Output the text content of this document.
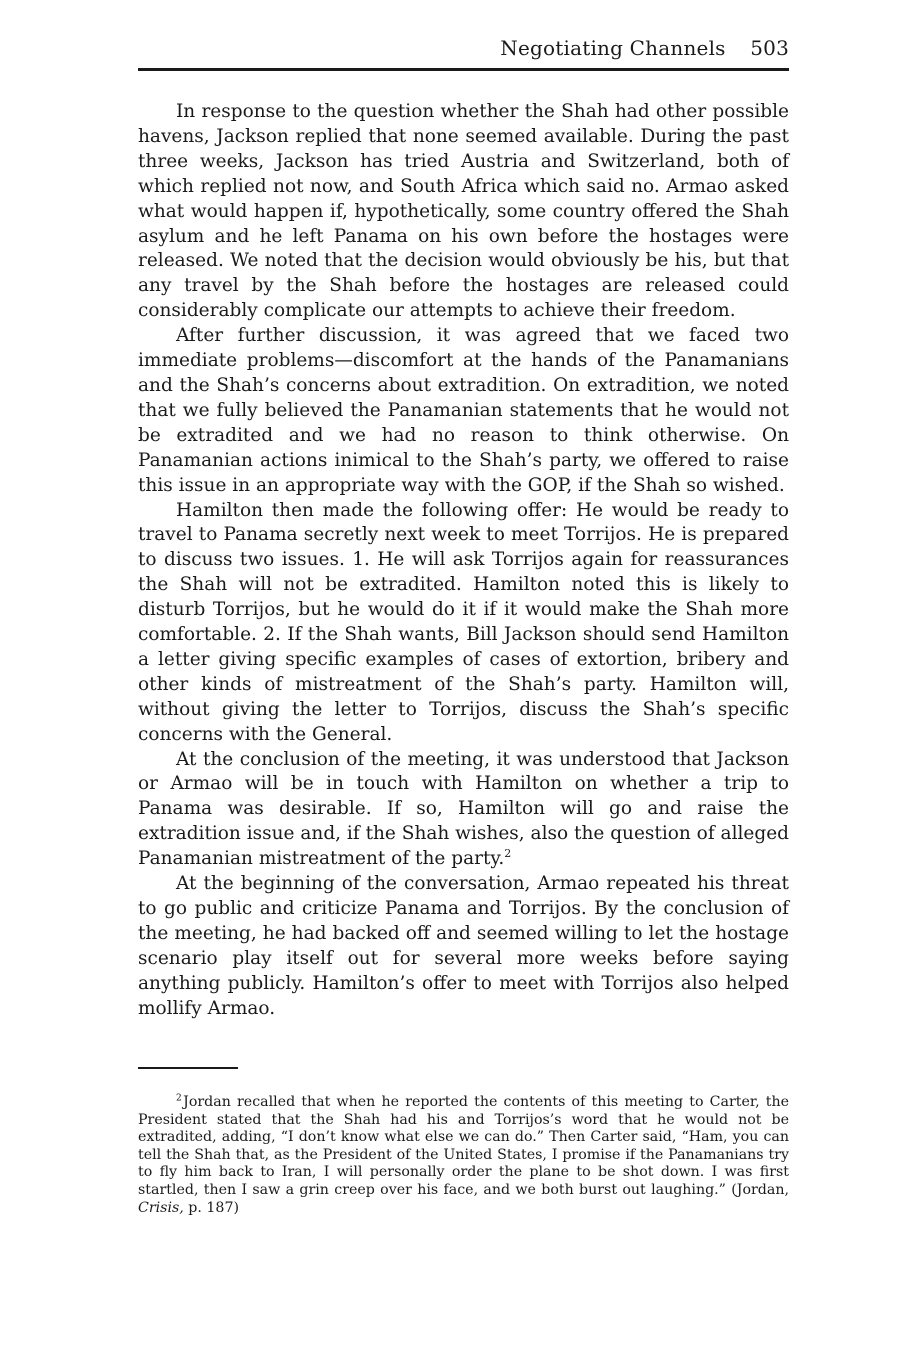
Negotiating Channels 503

In response to the question whether the Shah had other possible havens, Jackson replied that none seemed available. During the past three weeks, Jackson has tried Austria and Switzerland, both of which replied not now, and South Africa which said no. Armao asked what would happen if, hypothetically, some country offered the Shah asylum and he left Panama on his own before the hostages were released. We noted that the decision would obviously be his, but that any travel by the Shah before the hostages are released could considerably complicate our attempts to achieve their freedom.

After further discussion, it was agreed that we faced two immediate problems—discomfort at the hands of the Panamanians and the Shah’s concerns about extradition. On extradition, we noted that we fully believed the Panamanian statements that he would not be extradited and we had no reason to think otherwise. On Panamanian actions inimical to the Shah’s party, we offered to raise this issue in an appropriate way with the GOP, if the Shah so wished.

Hamilton then made the following offer: He would be ready to travel to Panama secretly next week to meet Torrijos. He is prepared to discuss two issues. 1. He will ask Torrijos again for reassurances the Shah will not be extradited. Hamilton noted this is likely to disturb Torrijos, but he would do it if it would make the Shah more comfortable. 2. If the Shah wants, Bill Jackson should send Hamilton a letter giving specific examples of cases of extortion, bribery and other kinds of mistreatment of the Shah’s party. Hamilton will, without giving the letter to Torrijos, discuss the Shah’s specific concerns with the General.

At the conclusion of the meeting, it was understood that Jackson or Armao will be in touch with Hamilton on whether a trip to Panama was desirable. If so, Hamilton will go and raise the extradition issue and, if the Shah wishes, also the question of alleged Panamanian mistreatment of the party.$^2$

At the beginning of the conversation, Armao repeated his threat to go public and criticize Panama and Torrijos. By the conclusion of the meeting, he had backed off and seemed willing to let the hostage scenario play itself out for several more weeks before saying anything publicly. Hamilton’s offer to meet with Torrijos also helped mollify Armao.

$^2$ Jordan recalled that when he reported the contents of this meeting to Carter, the President stated that the Shah had his and Torrijos’s word that he would not be extradited, adding, “I don’t know what else we can do.” Then Carter said, “Ham, you can tell the Shah that, as the President of the United States, I promise if the Panamanians try to fly him back to Iran, I will personally order the plane to be shot down. I was first startled, then I saw a grin creep over his face, and we both burst out laughing.” (Jordan, Crisis, p. 187)
